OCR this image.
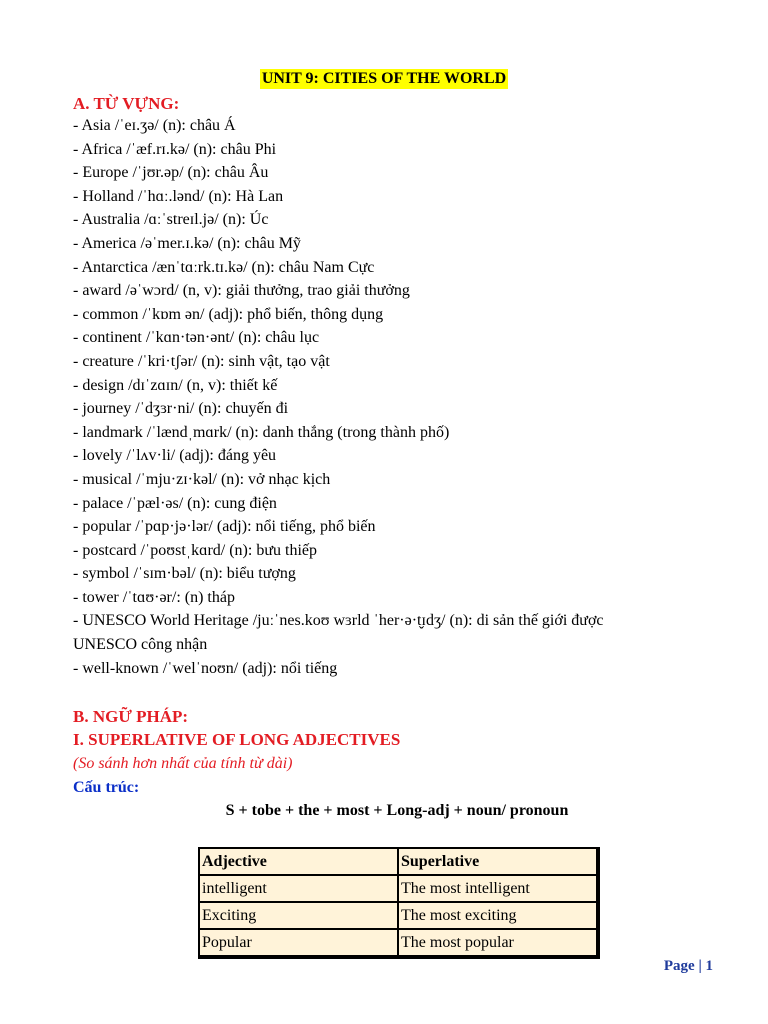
UNIT 9: CITIES OF THE WORLD
A. TỪ VỰNG:
- Asia /ˈeɪ.ʒə/ (n): châu Á
- Africa /ˈæf.rɪ.kə/ (n): châu Phi
- Europe /ˈjʊr.əp/ (n): châu Âu
- Holland /ˈhɑː.lənd/ (n): Hà Lan
- Australia /ɑːˈstreɪl.jə/ (n): Úc
- America /əˈmer.ɪ.kə/ (n): châu Mỹ
- Antarctica /ænˈtɑːrk.tɪ.kə/ (n): châu Nam Cực
- award /əˈwɔrd/ (n, v): giải thưởng, trao giải thưởng
- common /ˈkɒm ən/ (adj): phổ biến, thông dụng
- continent /ˈkɑn·tən·ənt/ (n): châu lục
- creature /ˈkri·tʃər/ (n): sinh vật, tạo vật
- design /dɪˈzɑɪn/ (n, v): thiết kế
- journey /ˈdʒɜr·ni/ (n): chuyến đi
- landmark /ˈlændˌmɑrk/ (n): danh thắng (trong thành phố)
- lovely /ˈlʌv·li/ (adj): đáng yêu
- musical /ˈmju·zɪ·kəl/ (n): vở nhạc kịch
- palace /ˈpæl·əs/ (n): cung điện
- popular /ˈpɑp·jə·lər/ (adj): nổi tiếng, phổ biến
- postcard /ˈpoʊstˌkɑrd/ (n): bưu thiếp
- symbol /ˈsɪm·bəl/ (n): biểu tượng
- tower /ˈtɑʊ·ər/: (n) tháp
- UNESCO World Heritage /juːˈnes.koʊ wɜrld ˈher·ə·t̬ɪdʒ/ (n): di sản thế giới được
UNESCO công nhận
- well-known /ˈwelˈnoʊn/ (adj): nổi tiếng
B. NGỮ PHÁP:
I. SUPERLATIVE OF LONG ADJECTIVES
(So sánh hơn nhất của tính từ dài)
Cấu trúc:
S + tobe + the + most + Long-adj + noun/ pronoun
Adjective	Superlative
intelligent	The most intelligent
Exciting	The most exciting
Popular	The most popular
Page | 1
